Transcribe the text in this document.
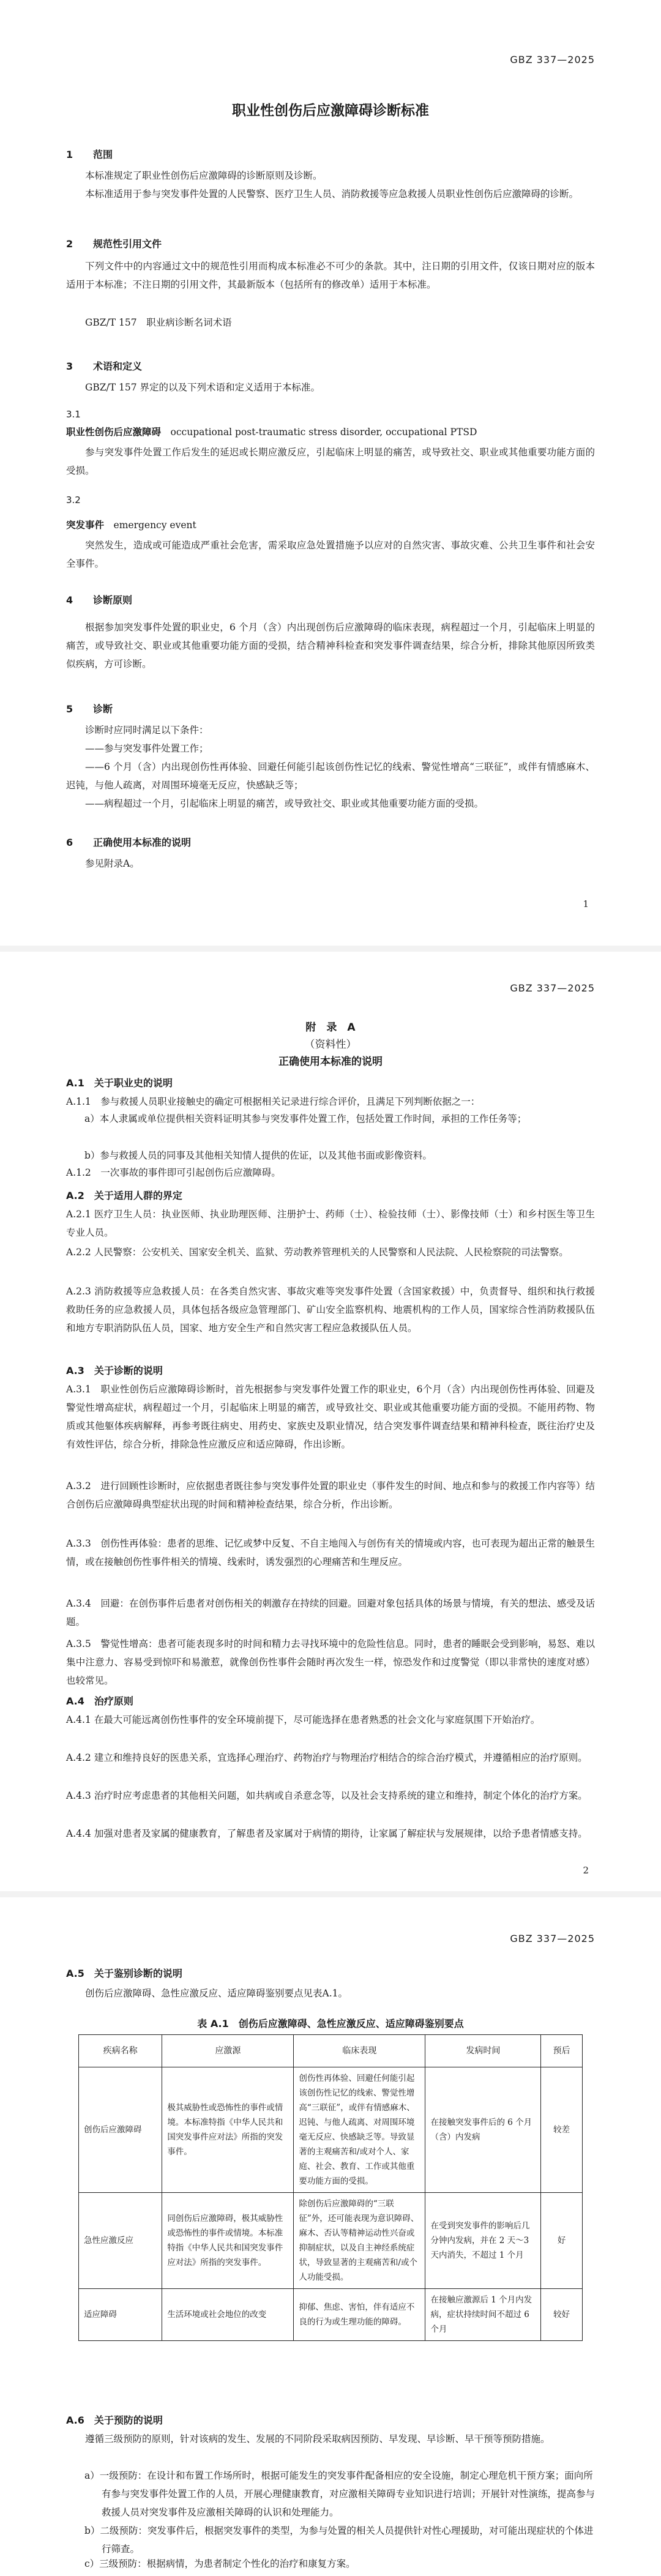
GBZ 337—2025
职业性创伤后应激障碍诊断标准
1 范围
本标准规定了职业性创伤后应激障碍的诊断原则及诊断。
本标准适用于参与突发事件处置的人民警察、医疗卫生人员、消防救援等应急救援人员职业性创伤后应激障碍的诊断。
2 规范性引用文件
下列文件中的内容通过文中的规范性引用而构成本标准必不可少的条款。其中，注日期的引用文件，仅该日期对应的版本适用于本标准；不注日期的引用文件，其最新版本（包括所有的修改单）适用于本标准。
GBZ/T 157　职业病诊断名词术语
3 术语和定义
GBZ/T 157 界定的以及下列术语和定义适用于本标准。
3.1
职业性创伤后应激障碍　 occupational post-traumatic stress disorder, occupational PTSD
参与突发事件处置工作后发生的延迟或长期应激反应，引起临床上明显的痛苦，或导致社交、职业或其他重要功能方面的受损。
3.2
突发事件　 emergency event
突然发生，造成或可能造成严重社会危害，需采取应急处置措施予以应对的自然灾害、事故灾难、公共卫生事件和社会安全事件。
4 诊断原则
根据参加突发事件处置的职业史，6 个月（含）内出现创伤后应激障碍的临床表现，病程超过一个月，引起临床上明显的痛苦，或导致社交、职业或其他重要功能方面的受损，结合精神科检查和突发事件调查结果，综合分析，排除其他原因所致类似疾病，方可诊断。
5 诊断
诊断时应同时满足以下条件：
——参与突发事件处置工作；
——6 个月（含）内出现创伤性再体验、回避任何能引起该创伤性记忆的线索、警觉性增高“三联征”，或伴有情感麻木、迟钝，与他人疏离，对周围环境毫无反应，快感缺乏等；
——病程超过一个月，引起临床上明显的痛苦，或导致社交、职业或其他重要功能方面的受损。
6 正确使用本标准的说明
参见附录A。
1
GBZ 337—2025
附　录　A
（资料性）
正确使用本标准的说明
A.1　关于职业史的说明
A.1.1　参与救援人员职业接触史的确定可根据相关记录进行综合评价，且满足下列判断依据之一：
a）本人隶属或单位提供相关资料证明其参与突发事件处置工作，包括处置工作时间，承担的工作任务等；
b）参与救援人员的同事及其他相关知情人提供的佐证，以及其他书面或影像资料。
A.1.2　一次事故的事件即可引起创伤后应激障碍。
A.2　关于适用人群的界定
A.2.1 医疗卫生人员：执业医师、执业助理医师、注册护士、药师（士）、检验技师（士）、影像技师（士）和乡村医生等卫生专业人员。
A.2.2 人民警察：公安机关、国家安全机关、监狱、劳动教养管理机关的人民警察和人民法院、人民检察院的司法警察。
A.2.3 消防救援等应急救援人员：在各类自然灾害、事故灾难等突发事件处置（含国家救援）中，负责督导、组织和执行救援救助任务的应急救援人员，具体包括各级应急管理部门、矿山安全监察机构、地震机构的工作人员，国家综合性消防救援队伍和地方专职消防队伍人员，国家、地方安全生产和自然灾害工程应急救援队伍人员。
A.3　关于诊断的说明
A.3.1　职业性创伤后应激障碍诊断时，首先根据参与突发事件处置工作的职业史，6个月（含）内出现创伤性再体验、回避及警觉性增高症状，病程超过一个月，引起临床上明显的痛苦，或导致社交、职业或其他重要功能方面的受损。不能用药物、物质或其他躯体疾病解释，再参考既往病史、用药史、家族史及职业情况，结合突发事件调查结果和精神科检查，既往治疗史及有效性评估，综合分析，排除急性应激反应和适应障碍，作出诊断。
A.3.2　进行回顾性诊断时，应依据患者既往参与突发事件处置的职业史（事件发生的时间、地点和参与的救援工作内容等）结合创伤后应激障碍典型症状出现的时间和精神检查结果，综合分析，作出诊断。
A.3.3　创伤性再体验：患者的思维、记忆或梦中反复、不自主地闯入与创伤有关的情境或内容，也可表现为超出正常的触景生情，或在接触创伤性事件相关的情境、线索时，诱发强烈的心理痛苦和生理反应。
A.3.4　回避：在创伤事件后患者对创伤相关的刺激存在持续的回避。回避对象包括具体的场景与情境，有关的想法、感受及话题。
A.3.5　警觉性增高：患者可能表现多时的时间和精力去寻找环境中的危险性信息。同时，患者的睡眠会受到影响，易怒、难以集中注意力、容易受到惊吓和易激惹，就像创伤性事件会随时再次发生一样，惊恐发作和过度警觉（即以非常快的速度对感）也较常见。
A.4　治疗原则
A.4.1 在最大可能远离创伤性事件的安全环境前提下，尽可能选择在患者熟悉的社会文化与家庭氛围下开始治疗。
A.4.2 建立和维持良好的医患关系，宜选择心理治疗、药物治疗与物理治疗相结合的综合治疗模式，并遵循相应的治疗原则。
A.4.3 治疗时应考虑患者的其他相关问题，如共病或自杀意念等，以及社会支持系统的建立和维持，制定个体化的治疗方案。
A.4.4 加强对患者及家属的健康教育，了解患者及家属对于病情的期待，让家属了解症状与发展规律，以给予患者情感支持。
2
GBZ 337—2025
A.5　关于鉴别诊断的说明
创伤后应激障碍、急性应激反应、适应障碍鉴别要点见表A.1。
表 A.1　创伤后应激障碍、急性应激反应、适应障碍鉴别要点
疾病名称	应激源	临床表现	发病时间	预后
创伤后应激障碍	极其威胁性或恐怖性的事件或情境。本标准特指《中华人民共和国突发事件应对法》所指的突发事件。	创伤性再体验、回避任何能引起该创伤性记忆的线索、警觉性增高“三联征”，或伴有情感麻木、迟钝、与他人疏离、对周围环境毫无反应、快感缺乏等。导致显著的主观痛苦和/或对个人、家庭、社会、教育、工作或其他重要功能方面的受损。	在接触突发事件后的 6 个月（含）内发病	较差
急性应激反应	同创伤后应激障碍，极其威胁性或恐怖性的事件或情境。本标准特指《中华人民共和国突发事件应对法》所指的突发事件。	除创伤后应激障碍的“三联征”外，还可能表现为意识障碍、麻木、否认等精神运动性兴奋或抑制症状，以及自主神经系统症状，导致显著的主观痛苦和/或个人功能受损。	在受到突发事件的影响后几分钟内发病，并在 2 天～3 天内消失，不超过 1 个月	好
适应障碍	生活环境或社会地位的改变	抑郁、焦虑、害怕，伴有适应不良的行为或生理功能的障碍。	在接触应激源后 1 个月内发病，症状持续时间不超过 6 个月	较好
A.6　关于预防的说明
遵循三级预防的原则，针对该病的发生、发展的不同阶段采取病因预防、早发现、早诊断、早干预等预防措施。
a）一级预防：在设计和布置工作场所时，根据可能发生的突发事件配备相应的安全设施，制定心理危机干预方案；面向所有参与突发事件处置工作的人员，开展心理健康教育，对应激相关障碍专业知识进行培训；开展针对性演练，提高参与救援人员对突发事件及应激相关障碍的认识和处理能力。
b）二级预防：突发事件后，根据突发事件的类型，为参与处置的相关人员提供针对性心理援助，对可能出现症状的个体进行筛查。
c）三级预防：根据病情，为患者制定个性化的治疗和康复方案。
